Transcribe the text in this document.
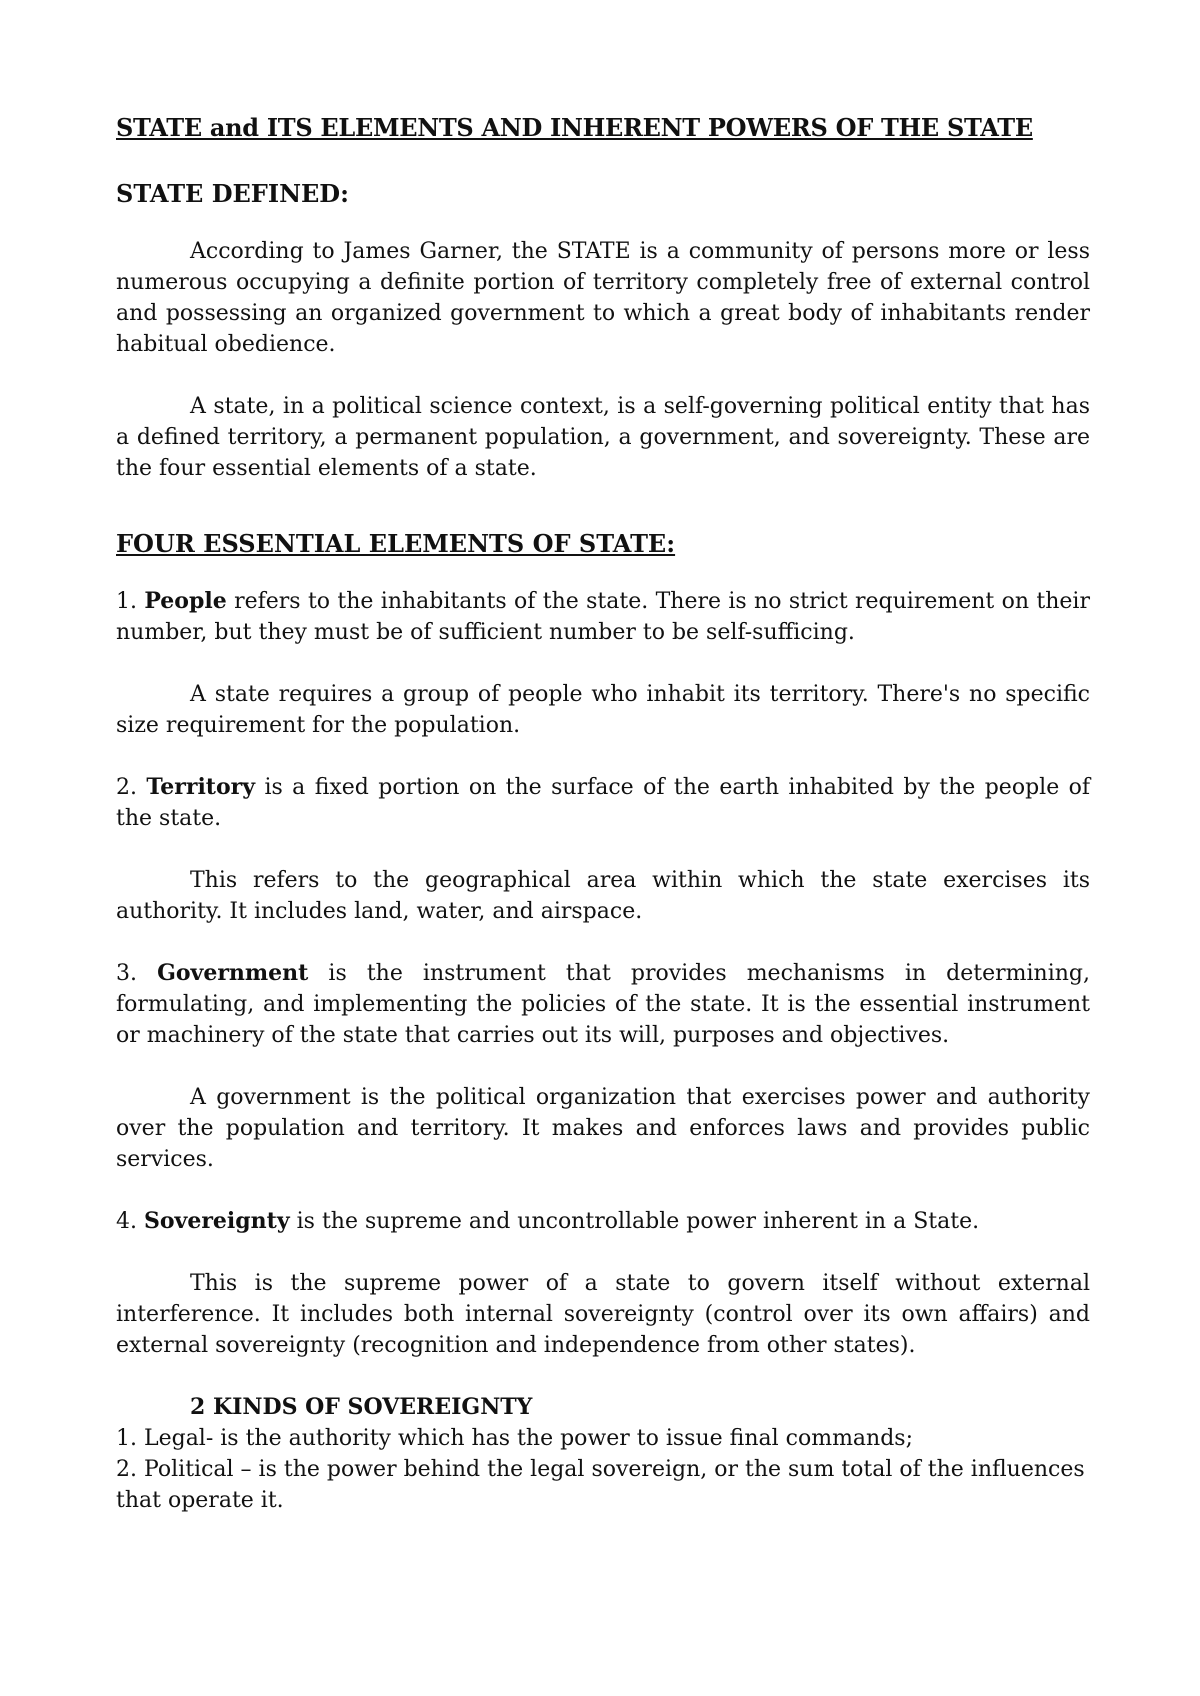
STATE and ITS ELEMENTS AND INHERENT POWERS OF THE STATE
STATE DEFINED:

According to James Garner, the STATE is a community of persons more or less numerous occupying a definite portion of territory completely free of external control and possessing an organized government to which a great body of inhabitants render habitual obedience.

A state, in a political science context, is a self-governing political entity that has a defined territory, a permanent population, a government, and sovereignty. These are the four essential elements of a state.

FOUR ESSENTIAL ELEMENTS OF STATE:

1. People refers to the inhabitants of the state. There is no strict requirement on their number, but they must be of sufficient number to be self-sufficing.

A state requires a group of people who inhabit its territory. There's no specific size requirement for the population.

2. Territory is a fixed portion on the surface of the earth inhabited by the people of the state.

This refers to the geographical area within which the state exercises its authority. It includes land, water, and airspace.

3. Government is the instrument that provides mechanisms in determining, formulating, and implementing the policies of the state. It is the essential instrument or machinery of the state that carries out its will, purposes and objectives.

A government is the political organization that exercises power and authority over the population and territory. It makes and enforces laws and provides public services.

4. Sovereignty is the supreme and uncontrollable power inherent in a State.

This is the supreme power of a state to govern itself without external interference. It includes both internal sovereignty (control over its own affairs) and external sovereignty (recognition and independence from other states).

2 KINDS OF SOVEREIGNTY

1. Legal- is the authority which has the power to issue final commands;

2. Political – is the power behind the legal sovereign, or the sum total of the influences that operate it.
